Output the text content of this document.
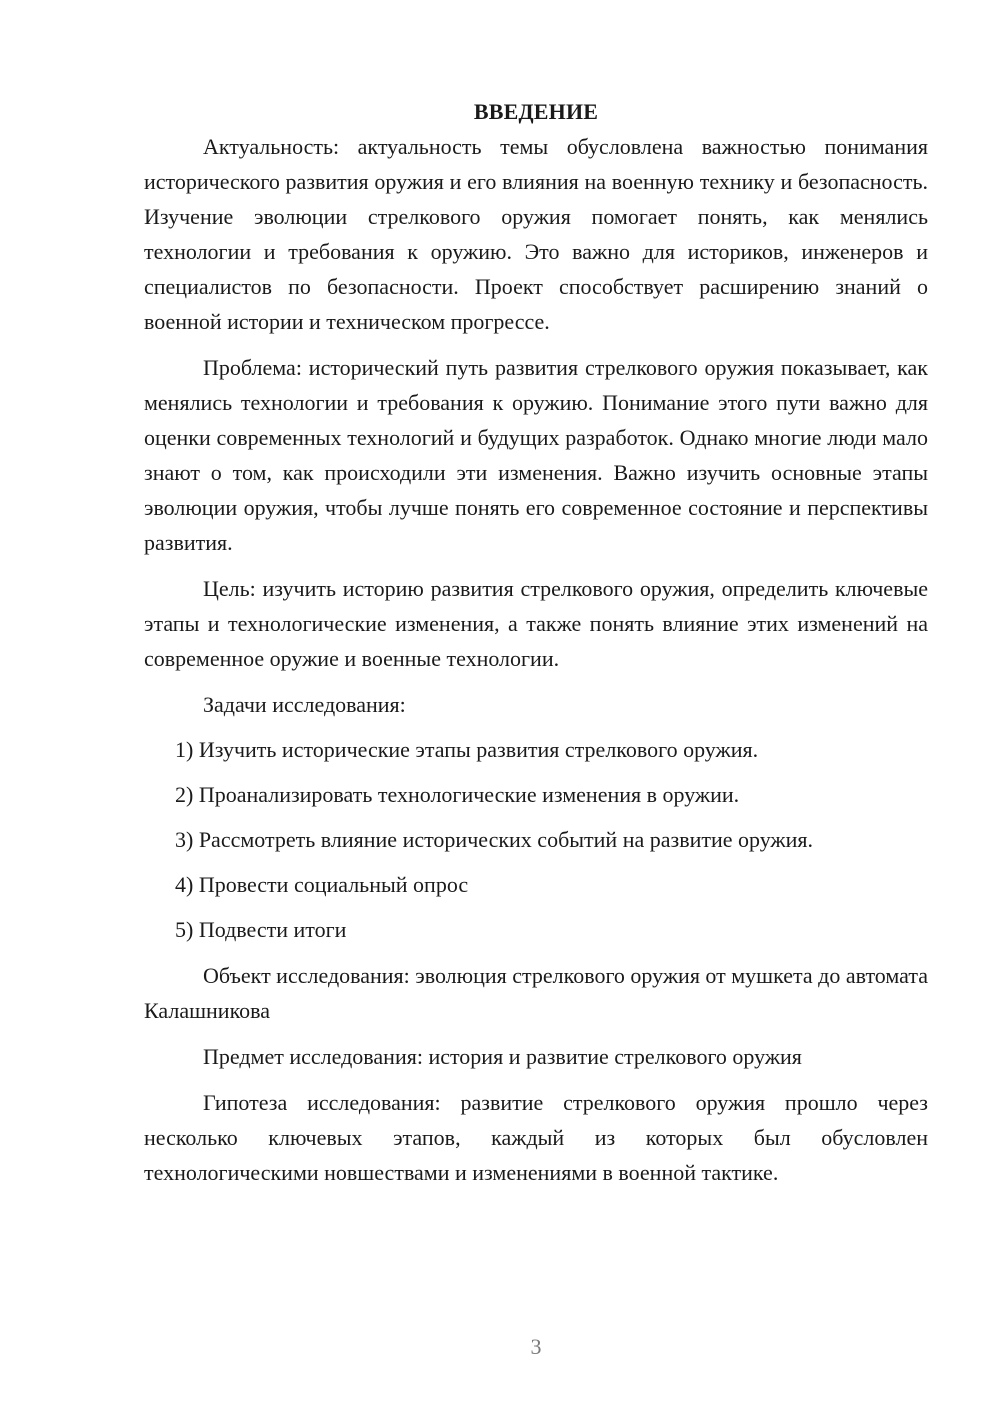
ВВЕДЕНИЕ

Актуальность: актуальность темы обусловлена важностью понимания исторического развития оружия и его влияния на военную технику и безопасность. Изучение эволюции стрелкового оружия помогает понять, как менялись технологии и требования к оружию. Это важно для историков, инженеров и специалистов по безопасности. Проект способствует расширению знаний о военной истории и техническом прогрессе.

Проблема: исторический путь развития стрелкового оружия показывает, как менялись технологии и требования к оружию. Понимание этого пути важно для оценки современных технологий и будущих разработок. Однако многие люди мало знают о том, как происходили эти изменения. Важно изучить основные этапы эволюции оружия, чтобы лучше понять его современное состояние и перспективы развития.

Цель: изучить историю развития стрелкового оружия, определить ключевые этапы и технологические изменения, а также понять влияние этих изменений на современное оружие и военные технологии.

Задачи исследования:

1) Изучить исторические этапы развития стрелкового оружия.

2) Проанализировать технологические изменения в оружии.

3) Рассмотреть влияние исторических событий на развитие оружия.

4) Провести социальный опрос

5) Подвести итоги

Объект исследования: эволюция стрелкового оружия от мушкета до автомата Калашникова

Предмет исследования: история и развитие стрелкового оружия

Гипотеза исследования: развитие стрелкового оружия прошло через несколько ключевых этапов, каждый из которых был обусловлен технологическими новшествами и изменениями в военной тактике.

3
